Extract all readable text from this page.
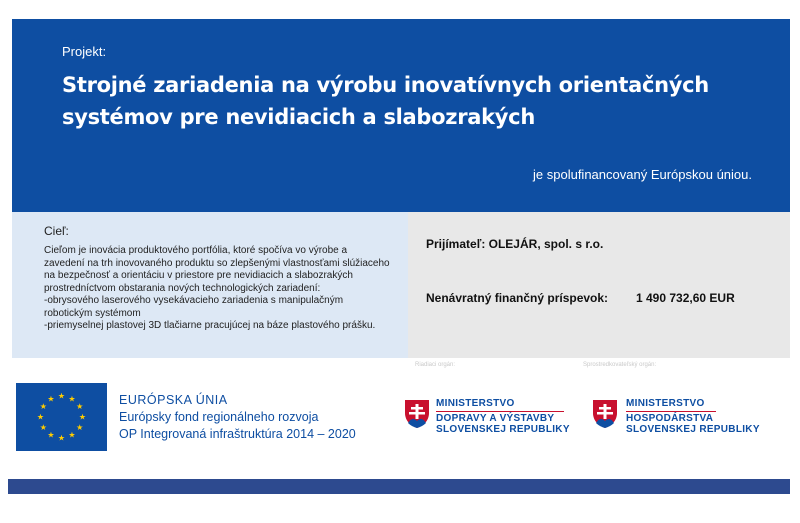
Projekt:
Strojné zariadenia na výrobu inovatívnych orientačných systémov pre nevidiacich a slabozrakých
je spolufinancovaný Európskou úniou.
Cieľ:
Cieľom je inovácia produktového portfólia, ktoré spočíva vo výrobe a
zavedení na trh inovovaného produktu so zlepšenými vlastnosťami slúžiaceho
na bezpečnosť a orientáciu v priestore pre nevidiacich a slabozrakých
prostredníctvom obstarania nových technologických zariadení:
-obrysového laserového vysekávacieho zariadenia s manipulačným
robotickým systémom
-priemyselnej plastovej 3D tlačiarne pracujúcej na báze plastového prášku.
Prijímateľ: OLEJÁR, spol. s r.o.
Nenávratný finančný príspevok: 1 490 732,60 EUR
Riadiaci orgán:	Sprostredkovateľský orgán:
★ ★
★
★
★
★
★
★
★
★
★
★	EURÓPSKA ÚNIA
Európsky fond regionálneho rozvoja
OP Integrovaná infraštruktúra 2014 – 2020
MINISTERSTVO
DOPRAVY A VÝSTAVBY
SLOVENSKEJ REPUBLIKY
MINISTERSTVO
HOSPODÁRSTVA
SLOVENSKEJ REPUBLIKY
